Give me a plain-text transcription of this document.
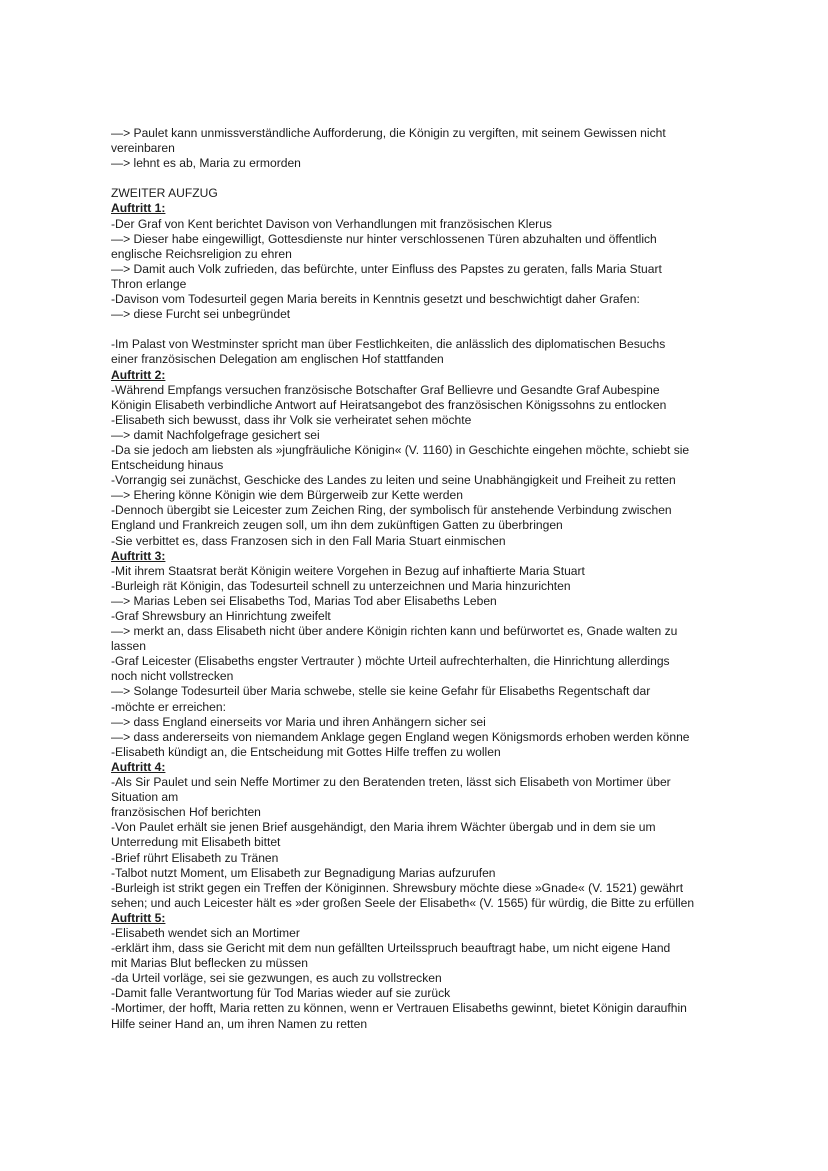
—> Paulet kann unmissverständliche Aufforderung, die Königin zu vergiften, mit seinem Gewissen nicht
vereinbaren
—> lehnt es ab, Maria zu ermorden
ZWEITER AUFZUG
Auftritt 1:
-Der Graf von Kent berichtet Davison von Verhandlungen mit französischen Klerus
—> Dieser habe eingewilligt, Gottesdienste nur hinter verschlossenen Türen abzuhalten und öffentlich
englische Reichsreligion zu ehren
—> Damit auch Volk zufrieden, das befürchte, unter Einfluss des Papstes zu geraten, falls Maria Stuart
Thron erlange
-Davison vom Todesurteil gegen Maria bereits in Kenntnis gesetzt und beschwichtigt daher Grafen:
—> diese Furcht sei unbegründet
-Im Palast von Westminster spricht man über Festlichkeiten, die anlässlich des diplomatischen Besuchs
einer französischen Delegation am englischen Hof stattfanden
Auftritt 2:
-Während Empfangs versuchen französische Botschafter Graf Bellievre und Gesandte Graf Aubespine
Königin Elisabeth verbindliche Antwort auf Heiratsangebot des französischen Königssohns zu entlocken
-Elisabeth sich bewusst, dass ihr Volk sie verheiratet sehen möchte
—> damit Nachfolgefrage gesichert sei
-Da sie jedoch am liebsten als »jungfräuliche Königin« (V. 1160) in Geschichte eingehen möchte, schiebt sie
Entscheidung hinaus
-Vorrangig sei zunächst, Geschicke des Landes zu leiten und seine Unabhängigkeit und Freiheit zu retten
—> Ehering könne Königin wie dem Bürgerweib zur Kette werden
-Dennoch übergibt sie Leicester zum Zeichen Ring, der symbolisch für anstehende Verbindung zwischen
England und Frankreich zeugen soll, um ihn dem zukünftigen Gatten zu überbringen
-Sie verbittet es, dass Franzosen sich in den Fall Maria Stuart einmischen
Auftritt 3:
-Mit ihrem Staatsrat berät Königin weitere Vorgehen in Bezug auf inhaftierte Maria Stuart
-Burleigh rät Königin, das Todesurteil schnell zu unterzeichnen und Maria hinzurichten
—> Marias Leben sei Elisabeths Tod, Marias Tod aber Elisabeths Leben
-Graf Shrewsbury an Hinrichtung zweifelt
—> merkt an, dass Elisabeth nicht über andere Königin richten kann und befürwortet es, Gnade walten zu
lassen
-Graf Leicester (Elisabeths engster Vertrauter ) möchte Urteil aufrechterhalten, die Hinrichtung allerdings
noch nicht vollstrecken
—> Solange Todesurteil über Maria schwebe, stelle sie keine Gefahr für Elisabeths Regentschaft dar
-möchte er erreichen:
—> dass England einerseits vor Maria und ihren Anhängern sicher sei
—> dass andererseits von niemandem Anklage gegen England wegen Königsmords erhoben werden könne
-Elisabeth kündigt an, die Entscheidung mit Gottes Hilfe treffen zu wollen
Auftritt 4:
-Als Sir Paulet und sein Neffe Mortimer zu den Beratenden treten, lässt sich Elisabeth von Mortimer über
Situation am
französischen Hof berichten
-Von Paulet erhält sie jenen Brief ausgehändigt, den Maria ihrem Wächter übergab und in dem sie um
Unterredung mit Elisabeth bittet
-Brief rührt Elisabeth zu Tränen
-Talbot nutzt Moment, um Elisabeth zur Begnadigung Marias aufzurufen
-Burleigh ist strikt gegen ein Treffen der Königinnen. Shrewsbury möchte diese »Gnade« (V. 1521) gewährt
sehen; und auch Leicester hält es »der großen Seele der Elisabeth« (V. 1565) für würdig, die Bitte zu erfüllen
Auftritt 5:
-Elisabeth wendet sich an Mortimer
-erklärt ihm, dass sie Gericht mit dem nun gefällten Urteilsspruch beauftragt habe, um nicht eigene Hand
mit Marias Blut beflecken zu müssen
-da Urteil vorläge, sei sie gezwungen, es auch zu vollstrecken
-Damit falle Verantwortung für Tod Marias wieder auf sie zurück
-Mortimer, der hofft, Maria retten zu können, wenn er Vertrauen Elisabeths gewinnt, bietet Königin daraufhin
Hilfe seiner Hand an, um ihren Namen zu retten
